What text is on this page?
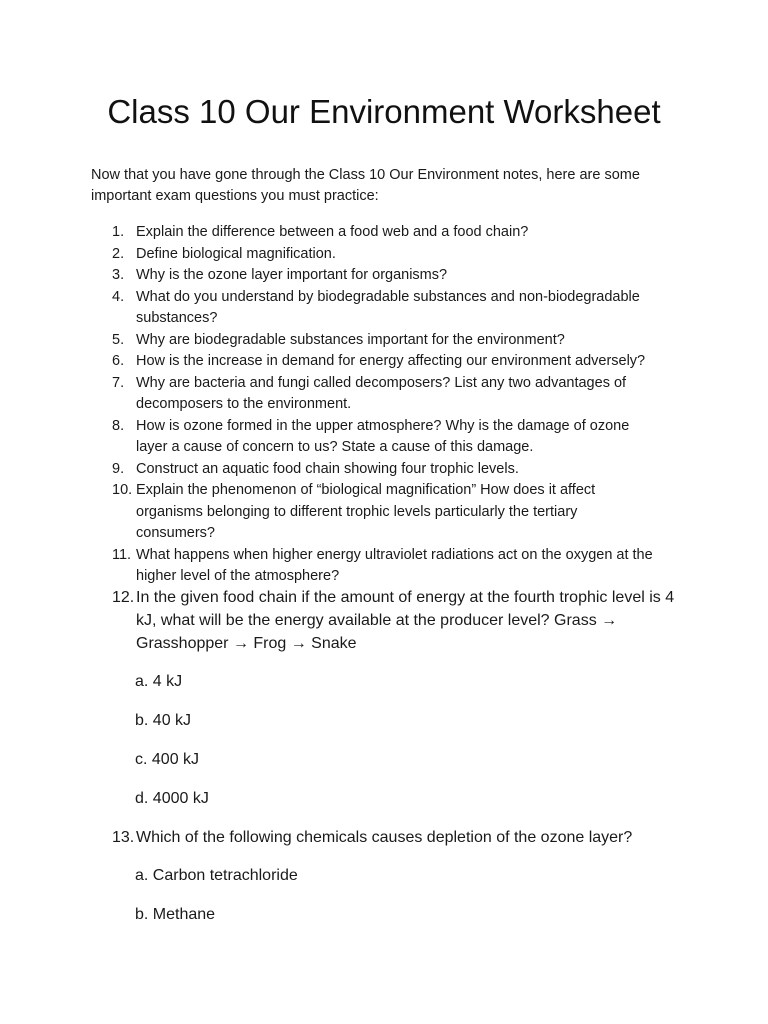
Class 10 Our Environment Worksheet

Now that you have gone through the Class 10 Our Environment notes, here are some important exam questions you must practice:

1. Explain the difference between a food web and a food chain?
2. Define biological magnification.
3. Why is the ozone layer important for organisms?
4. What do you understand by biodegradable substances and non-biodegradable substances?
5. Why are biodegradable substances important for the environment?
6. How is the increase in demand for energy affecting our environment adversely?
7. Why are bacteria and fungi called decomposers? List any two advantages of decomposers to the environment.
8. How is ozone formed in the upper atmosphere? Why is the damage of ozone layer a cause of concern to us? State a cause of this damage.
9. Construct an aquatic food chain showing four trophic levels.
10. Explain the phenomenon of “biological magnification” How does it affect organisms belonging to different trophic levels particularly the tertiary consumers?
11. What happens when higher energy ultraviolet radiations act on the oxygen at the higher level of the atmosphere?
12. In the given food chain if the amount of energy at the fourth trophic level is 4 kJ, what will be the energy available at the producer level? Grass → Grasshopper → Frog → Snake

a. 4 kJ

b. 40 kJ

c. 400 kJ

d. 4000 kJ

13. Which of the following chemicals causes depletion of the ozone layer?

a. Carbon tetrachloride

b. Methane
